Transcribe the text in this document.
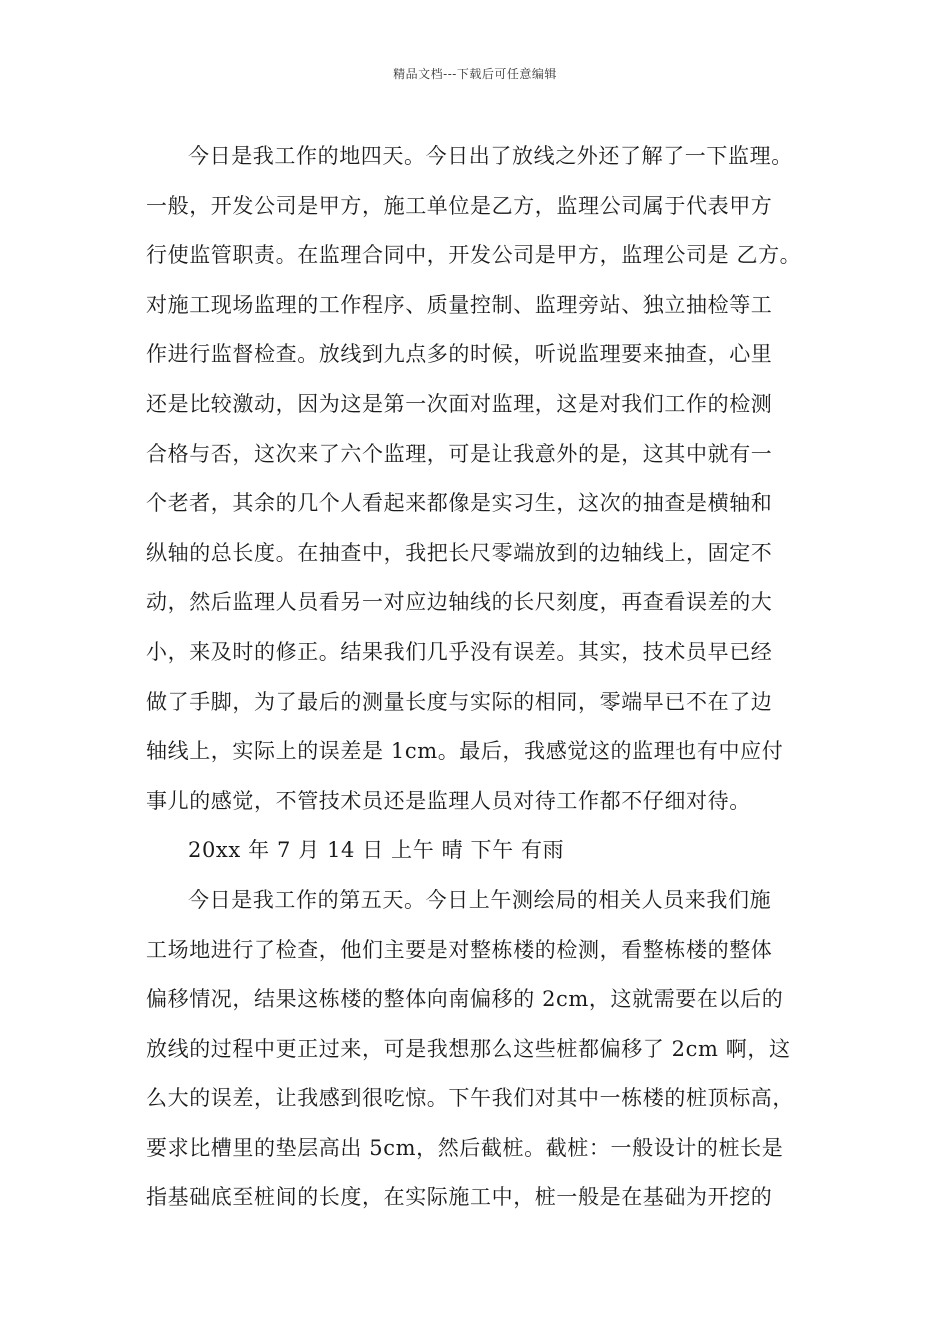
精品文档---下载后可任意编辑
今日是我工作的地四天。今日出了放线之外还了解了一下监理。
一般，开发公司是甲方，施工单位是乙方，监理公司属于代表甲方
行使监管职责。在监理合同中，开发公司是甲方，监理公司是 乙方。
对施工现场监理的工作程序、质量控制、监理旁站、独立抽检等工
作进行监督检查。放线到九点多的时候，听说监理要来抽查，心里
还是比较激动，因为这是第一次面对监理，这是对我们工作的检测
合格与否，这次来了六个监理，可是让我意外的是，这其中就有一
个老者，其余的几个人看起来都像是实习生，这次的抽查是横轴和
纵轴的总长度。在抽查中，我把长尺零端放到的边轴线上，固定不
动，然后监理人员看另一对应边轴线的长尺刻度，再查看误差的大
小，来及时的修正。结果我们几乎没有误差。其实，技术员早已经
做了手脚，为了最后的测量长度与实际的相同，零端早已不在了边
轴线上，实际上的误差是 1cm。最后，我感觉这的监理也有中应付
事儿的感觉，不管技术员还是监理人员对待工作都不仔细对待。
20xx 年 7 月 14 日 上午 晴 下午 有雨
今日是我工作的第五天。今日上午测绘局的相关人员来我们施
工场地进行了检查，他们主要是对整栋楼的检测，看整栋楼的整体
偏移情况，结果这栋楼的整体向南偏移的 2cm，这就需要在以后的
放线的过程中更正过来，可是我想那么这些桩都偏移了 2cm 啊，这
么大的误差，让我感到很吃惊。下午我们对其中一栋楼的桩顶标高，
要求比槽里的垫层高出 5cm，然后截桩。截桩：一般设计的桩长是
指基础底至桩间的长度，在实际施工中，桩一般是在基础为开挖的
